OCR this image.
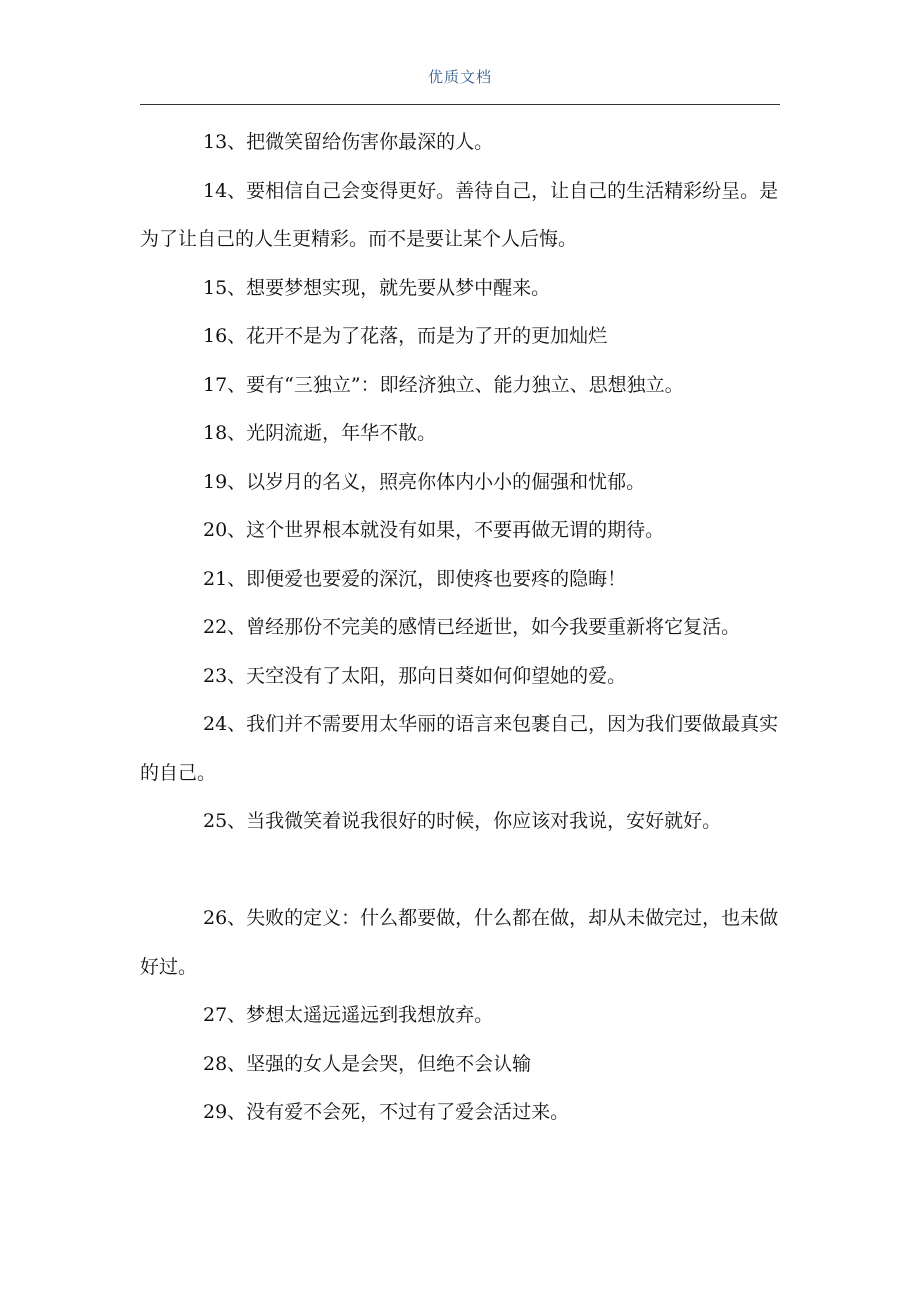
优质文档

13、把微笑留给伤害你最深的人。

14、要相信自己会变得更好。善待自己，让自己的生活精彩纷呈。是为了让自己的人生更精彩。而不是要让某个人后悔。

15、想要梦想实现，就先要从梦中醒来。

16、花开不是为了花落，而是为了开的更加灿烂

17、要有“三独立”：即经济独立、能力独立、思想独立。

18、光阴流逝，年华不散。

19、以岁月的名义，照亮你体内小小的倔强和忧郁。

20、这个世界根本就没有如果，不要再做无谓的期待。

21、即便爱也要爱的深沉，即使疼也要疼的隐晦！

22、曾经那份不完美的感情已经逝世，如今我要重新将它复活。

23、天空没有了太阳，那向日葵如何仰望她的爱。

24、我们并不需要用太华丽的语言来包裹自己，因为我们要做最真实的自己。

25、当我微笑着说我很好的时候，你应该对我说，安好就好。

26、失败的定义：什么都要做，什么都在做，却从未做完过，也未做好过。

27、梦想太遥远遥远到我想放弃。

28、坚强的女人是会哭，但绝不会认输

29、没有爱不会死，不过有了爱会活过来。
